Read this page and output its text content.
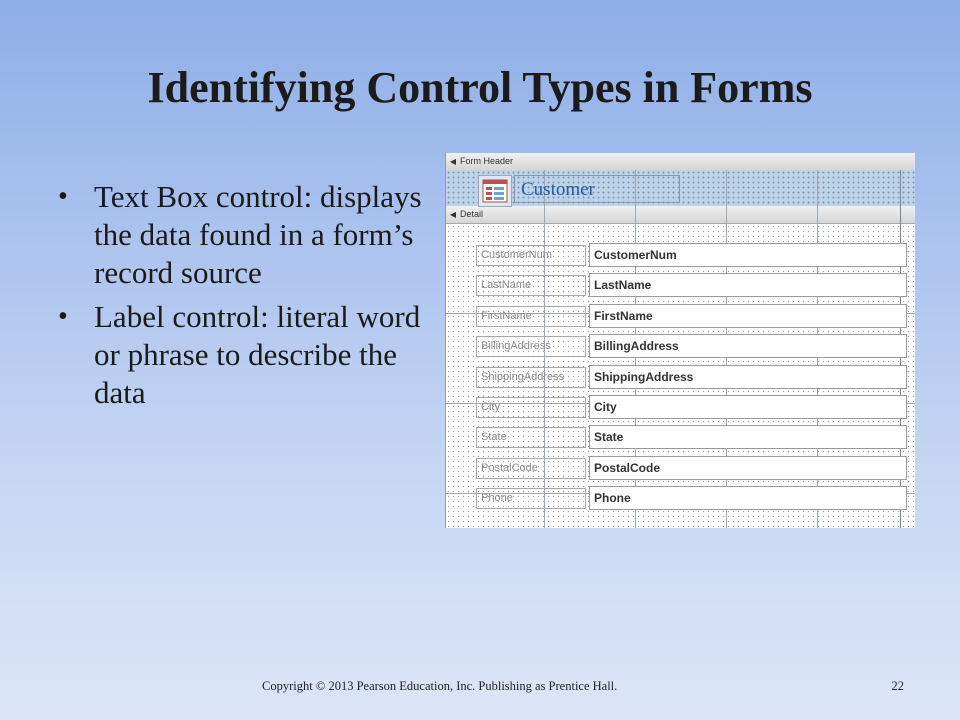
Identifying Control Types in Forms
• Text Box control: displays the data found in a form’s record source
• Label control: literal word or phrase to describe the data
◀ Form Header
◀ Detail
Customer
CustomerNum	CustomerNum
LastName	LastName
FirstName	FirstName
BillingAddress	BillingAddress
ShippingAddress	ShippingAddress
City	City
State	State
PostalCode	PostalCode
Phone	Phone
Copyright © 2013 Pearson Education, Inc. Publishing as Prentice Hall.	22
